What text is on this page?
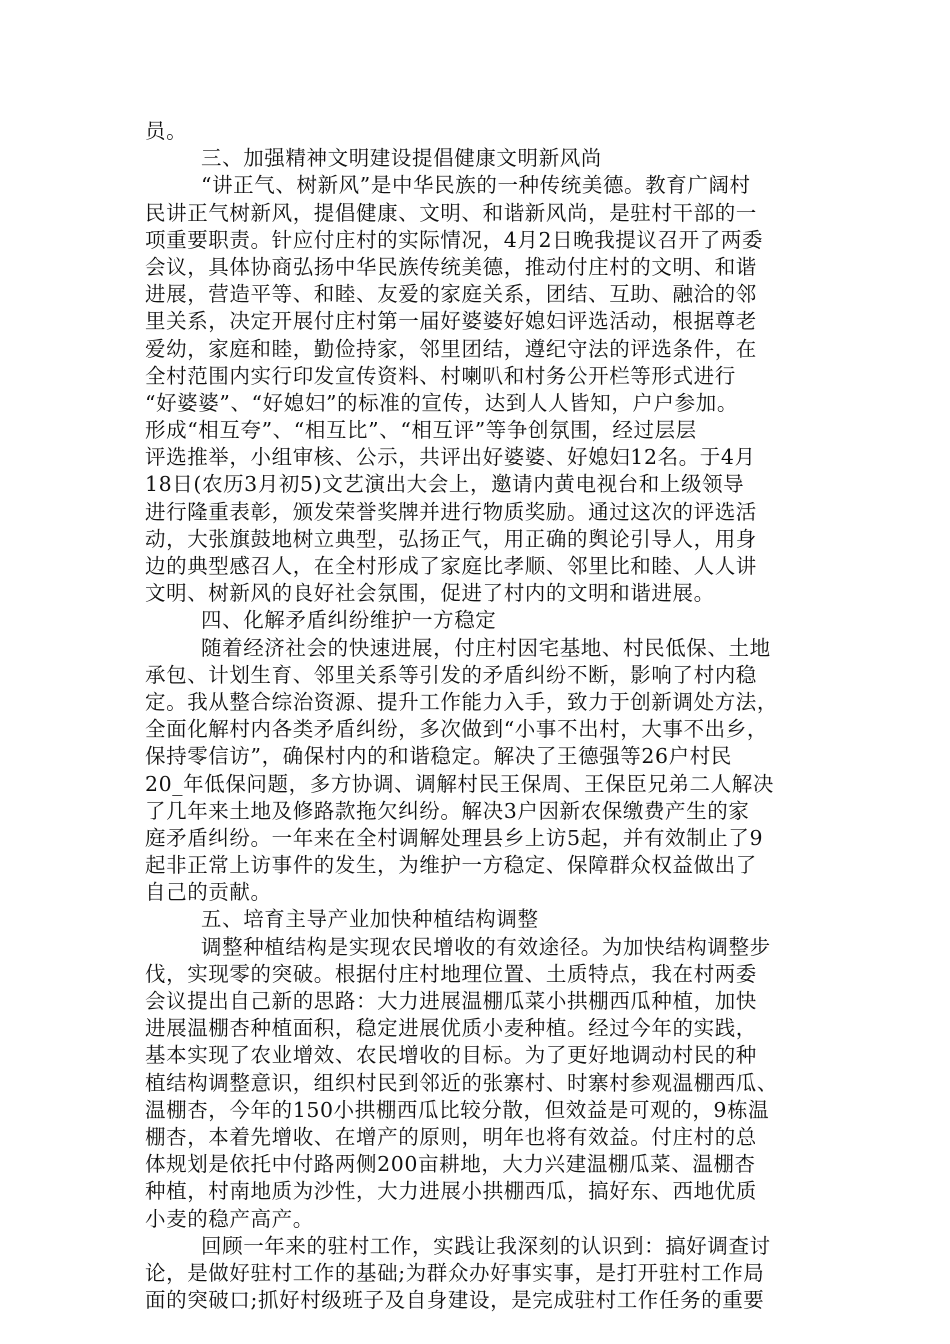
员。
三、加强精神文明建设提倡健康文明新风尚
“讲正气、树新风”是中华民族的一种传统美德。教育广阔村
民讲正气树新风，提倡健康、文明、和谐新风尚，是驻村干部的一
项重要职责。针应付庄村的实际情况，4月2日晚我提议召开了两委
会议，具体协商弘扬中华民族传统美德，推动付庄村的文明、和谐
进展，营造平等、和睦、友爱的家庭关系，团结、互助、融洽的邻
里关系，决定开展付庄村第一届好婆婆好媳妇评选活动，根据尊老
爱幼，家庭和睦，勤俭持家，邻里团结，遵纪守法的评选条件，在
全村范围内实行印发宣传资料、村喇叭和村务公开栏等形式进行
“好婆婆”、“好媳妇”的标准的宣传，达到人人皆知，户户参加。
形成“相互夸”、“相互比”、“相互评”等争创氛围，经过层层
评选推举，小组审核、公示，共评出好婆婆、好媳妇12名。于4月
18日(农历3月初5)文艺演出大会上，邀请内黄电视台和上级领导
进行隆重表彰，颁发荣誉奖牌并进行物质奖励。通过这次的评选活
动，大张旗鼓地树立典型，弘扬正气，用正确的舆论引导人，用身
边的典型感召人，在全村形成了家庭比孝顺、邻里比和睦、人人讲
文明、树新风的良好社会氛围，促进了村内的文明和谐进展。
四、化解矛盾纠纷维护一方稳定
随着经济社会的快速进展，付庄村因宅基地、村民低保、土地
承包、计划生育、邻里关系等引发的矛盾纠纷不断，影响了村内稳
定。我从整合综治资源、提升工作能力入手，致力于创新调处方法，
全面化解村内各类矛盾纠纷，多次做到“小事不出村，大事不出乡，
保持零信访”，确保村内的和谐稳定。解决了王德强等26户村民
20_年低保问题，多方协调、调解村民王保周、王保臣兄弟二人解决
了几年来土地及修路款拖欠纠纷。解决3户因新农保缴费产生的家
庭矛盾纠纷。一年来在全村调解处理县乡上访5起，并有效制止了9
起非正常上访事件的发生，为维护一方稳定、保障群众权益做出了
自己的贡献。
五、培育主导产业加快种植结构调整
调整种植结构是实现农民增收的有效途径。为加快结构调整步
伐，实现零的突破。根据付庄村地理位置、土质特点，我在村两委
会议提出自己新的思路：大力进展温棚瓜菜小拱棚西瓜种植，加快
进展温棚杏种植面积，稳定进展优质小麦种植。经过今年的实践，
基本实现了农业增效、农民增收的目标。为了更好地调动村民的种
植结构调整意识，组织村民到邻近的张寨村、时寨村参观温棚西瓜、
温棚杏，今年的150小拱棚西瓜比较分散，但效益是可观的，9栋温
棚杏，本着先增收、在增产的原则，明年也将有效益。付庄村的总
体规划是依托中付路两侧200亩耕地，大力兴建温棚瓜菜、温棚杏
种植，村南地质为沙性，大力进展小拱棚西瓜，搞好东、西地优质
小麦的稳产高产。
回顾一年来的驻村工作，实践让我深刻的认识到：搞好调查讨
论，是做好驻村工作的基础;为群众办好事实事，是打开驻村工作局
面的突破口;抓好村级班子及自身建设，是完成驻村工作任务的重要
